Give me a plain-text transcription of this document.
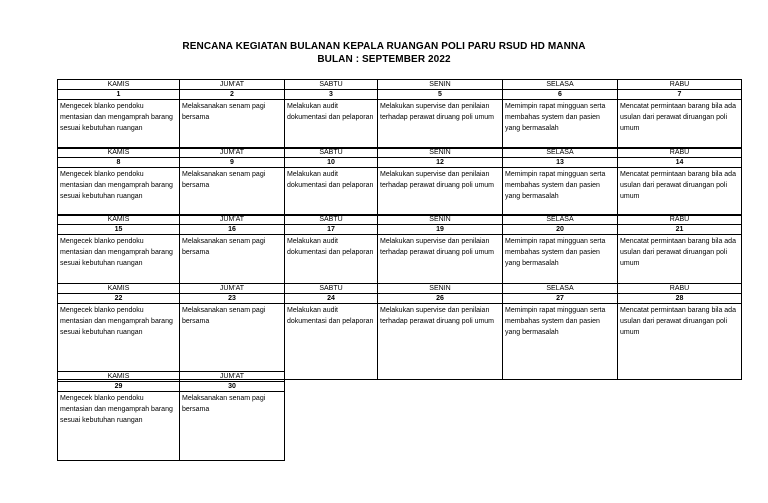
RENCANA KEGIATAN BULANAN KEPALA RUANGAN POLI PARU RSUD HD MANNA
BULAN : SEPTEMBER 2022
KAMIS
1
Mengecek blanko pendoku mentasian dan mengamprah barang sesuai kebutuhan ruangan
JUM'AT
2
Melaksanakan senam pagi bersama
SABTU
3
Melakukan audit dokumentasi dan pelaporan
SENIN
5
Melakukan supervise dan penilaian terhadap perawat diruang poli umum
SELASA
6
Memimpin rapat mingguan serta membahas system dan pasien yang bermasalah
RABU
7
Mencatat permintaan barang bila ada usulan dari perawat diruangan poli umum
KAMIS
8
Mengecek blanko pendoku mentasian dan mengamprah barang sesuai kebutuhan ruangan
JUM'AT
9
Melaksanakan senam pagi bersama
SABTU
10
Melakukan audit dokumentasi dan pelaporan
SENIN
12
Melakukan supervise dan penilaian terhadap perawat diruang poli umum
SELASA
13
Memimpin rapat mingguan serta membahas system dan pasien yang bermasalah
RABU
14
Mencatat permintaan barang bila ada usulan dari perawat diruangan poli umum
KAMIS
15
Mengecek blanko pendoku mentasian dan mengamprah barang sesuai kebutuhan ruangan
JUM'AT
16
Melaksanakan senam pagi bersama
SABTU
17
Melakukan audit dokumentasi dan pelaporan
SENIN
19
Melakukan supervise dan penilaian terhadap perawat diruang poli umum
SELASA
20
Memimpin rapat mingguan serta membahas system dan pasien yang bermasalah
RABU
21
Mencatat permintaan barang bila ada usulan dari perawat diruangan poli umum
KAMIS
22
Mengecek blanko pendoku mentasian dan mengamprah barang sesuai kebutuhan ruangan
JUM'AT
23
Melaksanakan senam pagi bersama
SABTU
24
Melakukan audit dokumentasi dan pelaporan
SENIN
26
Melakukan supervise dan penilaian terhadap perawat diruang poli umum
SELASA
27
Memimpin rapat mingguan serta membahas system dan pasien yang bermasalah
RABU
28
Mencatat permintaan barang bila ada usulan dari perawat diruangan poli umum
KAMIS
29
Mengecek blanko pendoku mentasian dan mengamprah barang sesuai kebutuhan ruangan
JUM'AT
30
Melaksanakan senam pagi bersama
